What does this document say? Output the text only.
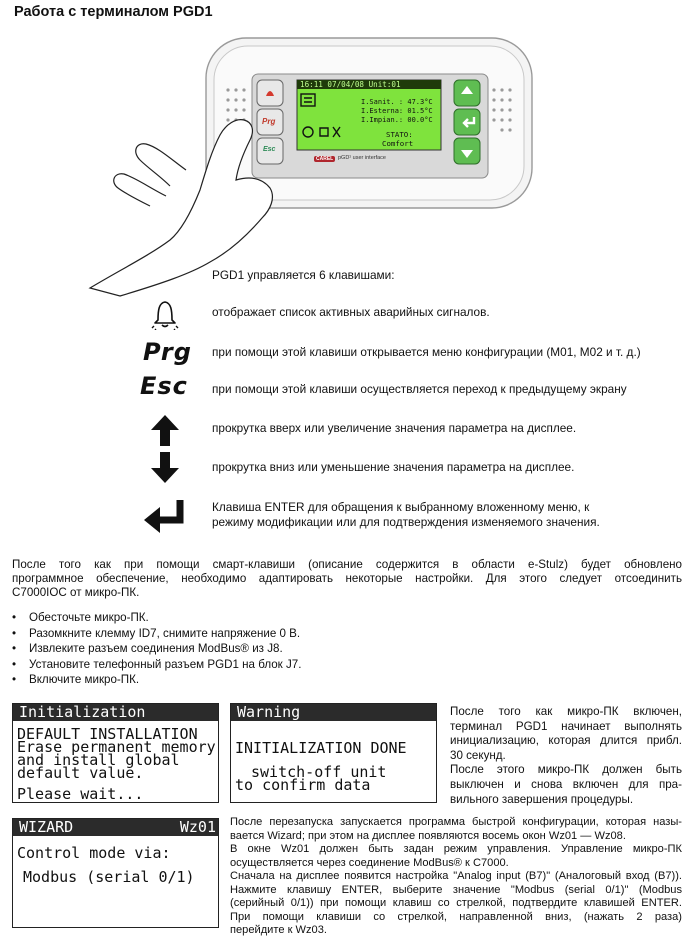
Работа с терминалом PGD1
16:11 07/04/08 Unit:01
I.Sanit. : 47.3°C
I.Esterna: 01.5°C
I.Impian.: 00.0°C
STATO:
Comfort
Prg
Esc
CAREL pGD¹ user interface
PGD1 управляется 6 клавишами:
Prg
Esc
отображает список активных аварийных сигналов.
при помощи этой клавиши открывается меню конфигурации (M01, M02 и т. д.)
при помощи этой клавиши осуществляется переход к предыдущему экрану
прокрутка вверх или увеличение значения параметра на дисплее.
прокрутка вниз или уменьшение значения параметра на дисплее.
Клавиша ENTER для обращения к выбранному вложенному меню, к
режиму модификации или для подтверждения изменяемого значения.
После того как при помощи смарт-клавиши (описание содержится в области e-Stulz) будет обновлено
программное обеспечение, необходимо адаптировать некоторые настройки. Для этого следует отсоединить
C7000IOC от микро-ПК.
• Обесточьте микро-ПК.
• Разомкните клемму ID7, снимите напряжение 0 В.
• Извлеките разъем соединения ModBus® из J8.
• Установите телефонный разъем PGD1 на блок J7.
• Включите микро-ПК.
Initialization
DEFAULT INSTALLATION
Erase permanent memory
and install global
default value.
Please wait...
Warning
INITIALIZATION DONE
switch-off unit
to confirm data
WIZARD	Wz01
Control mode via:
Modbus (serial 0/1)
После того как микро-ПК включен,
терминал PGD1 начинает выполнять
инициализацию, которая длится прибл.
30 секунд.
После этого микро-ПК должен быть
выключен и снова включен для пра-
вильного завершения процедуры.
После перезапуска запускается программа быстрой конфигурации, которая назы-
вается Wizard; при этом на дисплее появляются восемь окон Wz01 — Wz08.
В окне Wz01 должен быть задан режим управления. Управление микро-ПК
осуществляется через соединение ModBus® к C7000.
Сначала на дисплее появится настройка "Analog input (B7)" (Аналоговый вход (B7)).
Нажмите клавишу ENTER, выберите значение "Modbus (serial 0/1)" (Modbus
(серийный 0/1)) при помощи клавиш со стрелкой, подтвердите клавишей ENTER.
При помощи клавиши со стрелкой, направленной вниз, (нажать 2 раза)
перейдите к Wz03.
